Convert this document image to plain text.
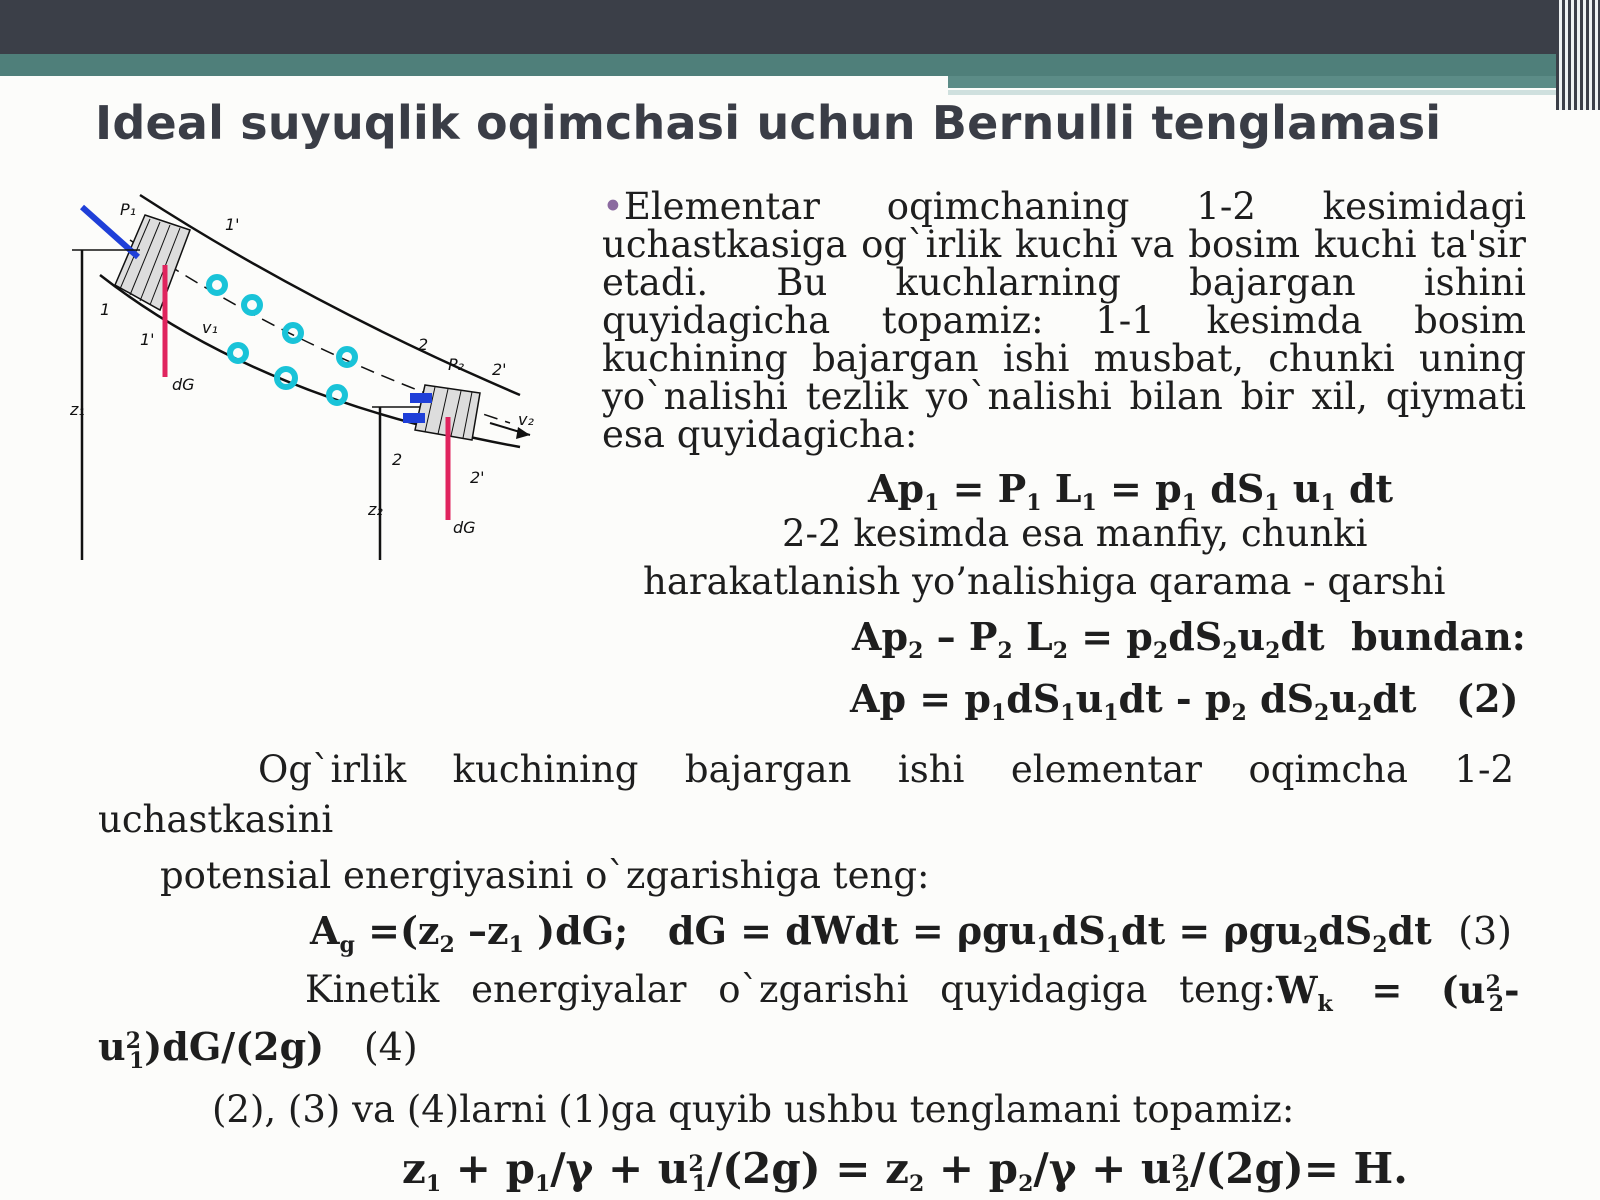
Ideal suyuqlik oqimchasi uchun Bernulli tenglamasi
P₁
P₂
v₁
v₂
dG
dG
z₁
z₂
1
1'
1'
2
2
2'
2'
•Elementar oqimchaning 1-2 kesimidagi uchastkasiga og`irlik kuchi va bosim kuchi ta'sir etadi. Bu kuchlarning bajargan ishini quyidagicha topamiz: 1-1 kesimda bosim kuchining bajargan ishi musbat, chunki uning yo`nalishi tezlik yo`nalishi bilan bir xil, qiymati esa quyidagicha:
$Ap_1 = P_1$ $L_1 = p_1$ $dS_1$ $u_1$ dt
2-2 kesimda esa manfiy, chunki
harakatlanish yo’nalishiga qarama - qarshi
$Ap_2 - P_2$ $L_2 = p_2dS_2u_2dt$  bundan:
$Ap = p_1dS_1u_1dt - p_2$ $dS_2u_2dt$   (2)
Og`irlik kuchining bajargan ishi elementar oqimcha 1-2
uchastkasini
potensial energiyasini o`zgarishiga teng:
$A_g =(z_2$ $-z_1$ )dG;   dG = dWdt = $\rho gu_1dS_1dt = \rho gu_2dS_2dt$  (3)
Kinetik energiyalar o`zgarishi quyidagiga teng: $W_k = (u^2_2-$
$u^2_1)dG/(2g)$   (4)
(2), (3) va (4)larni (1)ga quyib ushbu tenglamani topamiz:
$z_1 + p_1/\gamma + u^2_1/(2g) = z_2 + p_2/\gamma + u^2_2/(2g)= H$.
